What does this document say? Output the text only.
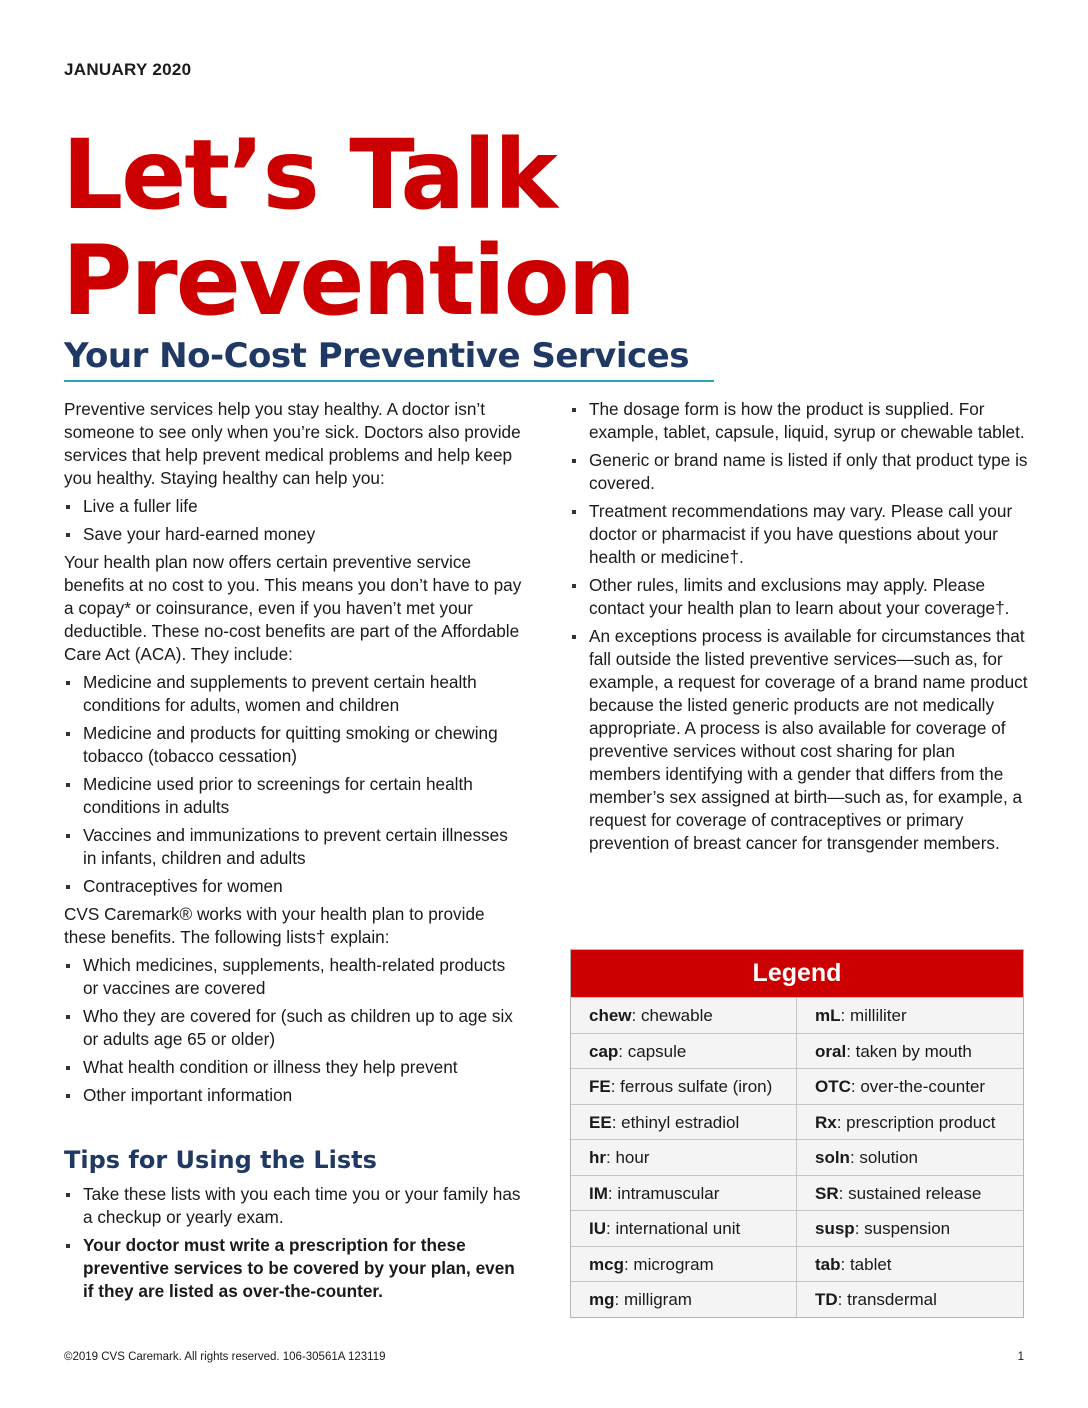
JANUARY 2020
Let’s Talk
Prevention
Your No-Cost Preventive Services

Preventive services help you stay healthy. A doctor isn’t someone to see only when you’re sick. Doctors also provide services that help prevent medical problems and help keep you healthy. Staying healthy can help you:

Live a fuller life
Save your hard-earned money

Your health plan now offers certain preventive service benefits at no cost to you. This means you don’t have to pay a copay* or coinsurance, even if you haven’t met your deductible. These no-cost benefits are part of the Affordable Care Act (ACA). They include:

Medicine and supplements to prevent certain health conditions for adults, women and children
Medicine and products for quitting smoking or chewing tobacco (tobacco cessation)
Medicine used prior to screenings for certain health conditions in adults
Vaccines and immunizations to prevent certain illnesses in infants, children and adults
Contraceptives for women

CVS Caremark® works with your health plan to provide these benefits. The following lists† explain:

Which medicines, supplements, health-related products or vaccines are covered
Who they are covered for (such as children up to age six or adults age 65 or older)
What health condition or illness they help prevent
Other important information
Tips for Using the Lists
Take these lists with you each time you or your family has a checkup or yearly exam.
Your doctor must write a prescription for these preventive services to be covered by your plan, even if they are listed as over-the-counter.
The dosage form is how the product is supplied. For example, tablet, capsule, liquid, syrup or chewable tablet.
Generic or brand name is listed if only that product type is covered.
Treatment recommendations may vary. Please call your doctor or pharmacist if you have questions about your health or medicine†.
Other rules, limits and exclusions may apply. Please contact your health plan to learn about your coverage†.
An exceptions process is available for circumstances that fall outside the listed preventive services—such as, for example, a request for coverage of a brand name product because the listed generic products are not medically appropriate. A process is also available for coverage of preventive services without cost sharing for plan members identifying with a gender that differs from the member’s sex assigned at birth—such as, for example, a request for coverage of contraceptives or primary prevention of breast cancer for transgender members.
Legend
chew: chewable	mL: milliliter
cap: capsule	oral: taken by mouth
FE: ferrous sulfate (iron)	OTC: over-the-counter
EE: ethinyl estradiol	Rx: prescription product
hr: hour	soln: solution
IM: intramuscular	SR: sustained release
IU: international unit	susp: suspension
mcg: microgram	tab: tablet
mg: milligram	TD: transdermal
©2019 CVS Caremark. All rights reserved. 106-30561A 123119	1
